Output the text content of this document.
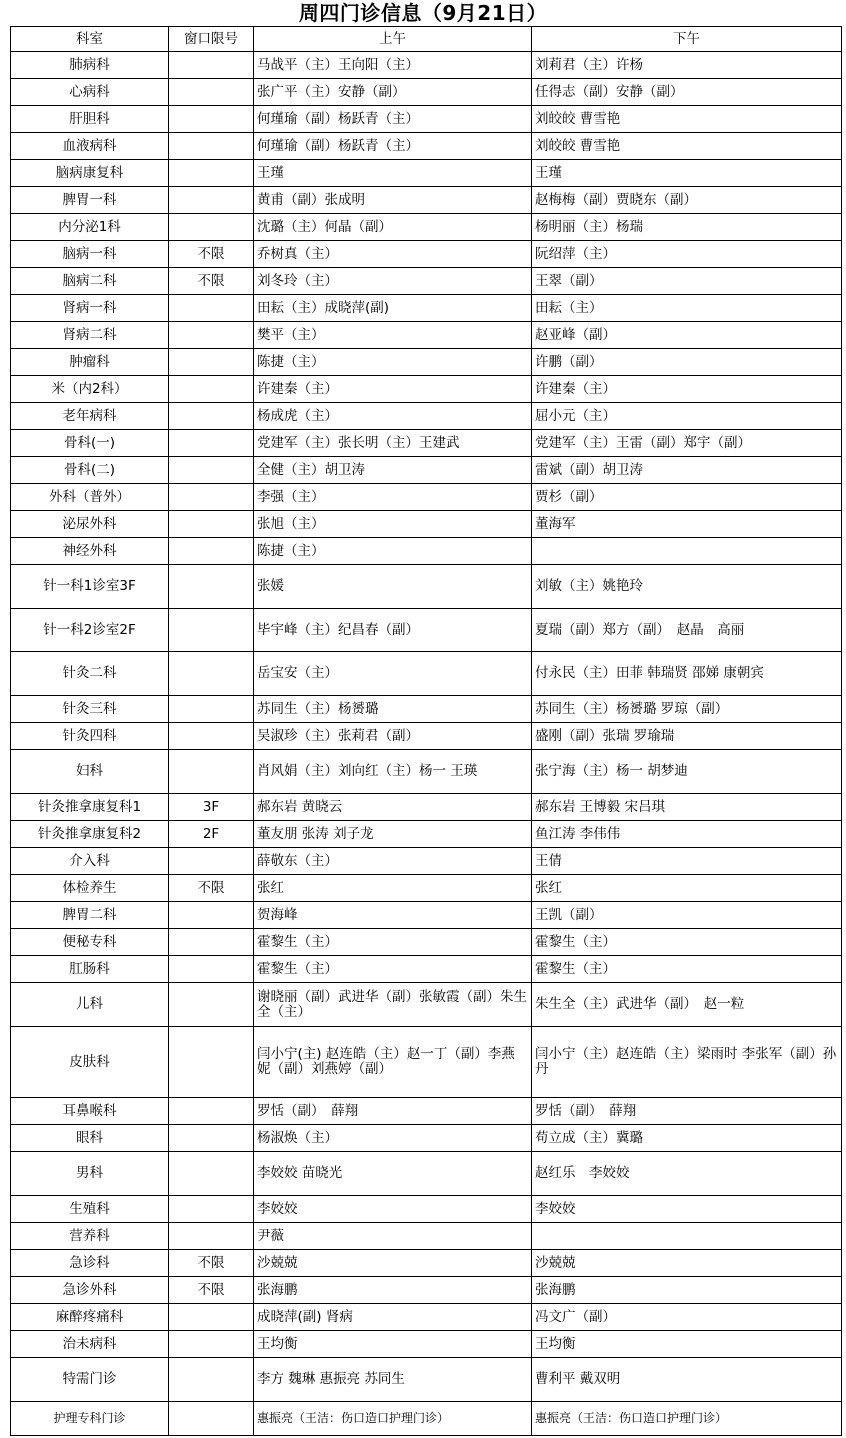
周四门诊信息（9月21日）
科室	窗口限号	上午	下午
肺病科		马战平（主）王向阳（主）	刘莉君（主）许杨
心病科		张广平（主）安静（副）	任得志（副）安静（副）
肝胆科		何瑾瑜（副）杨跃青（主）	刘皎皎 曹雪艳
血液病科		何瑾瑜（副）杨跃青（主）	刘皎皎 曹雪艳
脑病康复科		王瑾	王瑾
脾胃一科		黄甫（副）张成明	赵梅梅（副）贾晓东（副）
内分泌1科		沈璐（主）何晶（副）	杨明丽（主）杨瑞
脑病一科	不限	乔树真（主）	阮绍萍（主）
脑病二科	不限	刘冬玲（主）	王翠（副）
肾病一科		田耘（主）成晓萍(副)	田耘（主）
肾病二科		樊平（主）	赵亚峰（副）
肿瘤科		陈捷（主）	许鹏（副）
米（内2科）		许建秦（主）	许建秦（主）
老年病科		杨成虎（主）	屈小元（主）
骨科(一)		党建军（主）张长明（主）王建武	党建军（主）王雷（副）郑宇（副）
骨科(二)		全健（主）胡卫涛	雷斌（副）胡卫涛
外科（普外）		李强（主）	贾杉（副）
泌尿外科		张旭（主）	董海军
神经外科		陈捷（主）	
针一科1诊室3F		张媛	刘敏（主）姚艳玲
针一科2诊室2F		毕宇峰（主）纪昌春（副）	夏瑞（副）郑方（副）　赵晶　高丽
针灸二科		岳宝安（主）	付永民（主）田菲 韩瑞贤 邵娣 康朝宾
针灸三科		苏同生（主）杨赟璐	苏同生（主）杨赟璐 罗琼（副）
针灸四科		吴淑珍（主）张莉君（副）	盛刚（副）张瑞 罗瑜瑞
妇科		肖风娟（主）刘向红（主）杨一 王瑛	张宁海（主）杨一 胡梦迪
针灸推拿康复科1	3F	郝东岩 黄晓云	郝东岩 王博毅 宋吕琪
针灸推拿康复科2	2F	董友朋 张涛 刘子龙	鱼江涛 李伟伟
介入科		薛敬东（主）	王倩
体检养生	不限	张红	张红
脾胃二科		贺海峰	王凯（副）
便秘专科		霍黎生（主）	霍黎生（主）
肛肠科		霍黎生（主）	霍黎生（主）
儿科		谢晓丽（副）武进华（副）张敏霞（副）朱生全（主）	朱生全（主）武进华（副）　赵一粒
皮肤科		闫小宁(主) 赵连皓（主）赵一丁（副）李燕妮（副）刘燕婷（副）	闫小宁（主）赵连皓（主）梁雨时 李张军（副）孙丹
耳鼻喉科		罗恬（副）　薛翔	罗恬（副）　薛翔
眼科		杨淑焕（主）	苟立成（主）冀璐
男科		李姣姣 苗晓光	赵红乐　李姣姣
生殖科		李姣姣	李姣姣
营养科		尹薇	
急诊科	不限	沙兢兢	沙兢兢
急诊外科	不限	张海鹏	张海鹏
麻醉疼痛科		成晓萍(副) 肾病	冯文广（副）
治未病科		王均衡	王均衡
特需门诊		李方 魏琳 惠振亮 苏同生	曹利平 戴双明
护理专科门诊		惠振亮（王洁：伤口造口护理门诊）	惠振亮（王洁：伤口造口护理门诊）
